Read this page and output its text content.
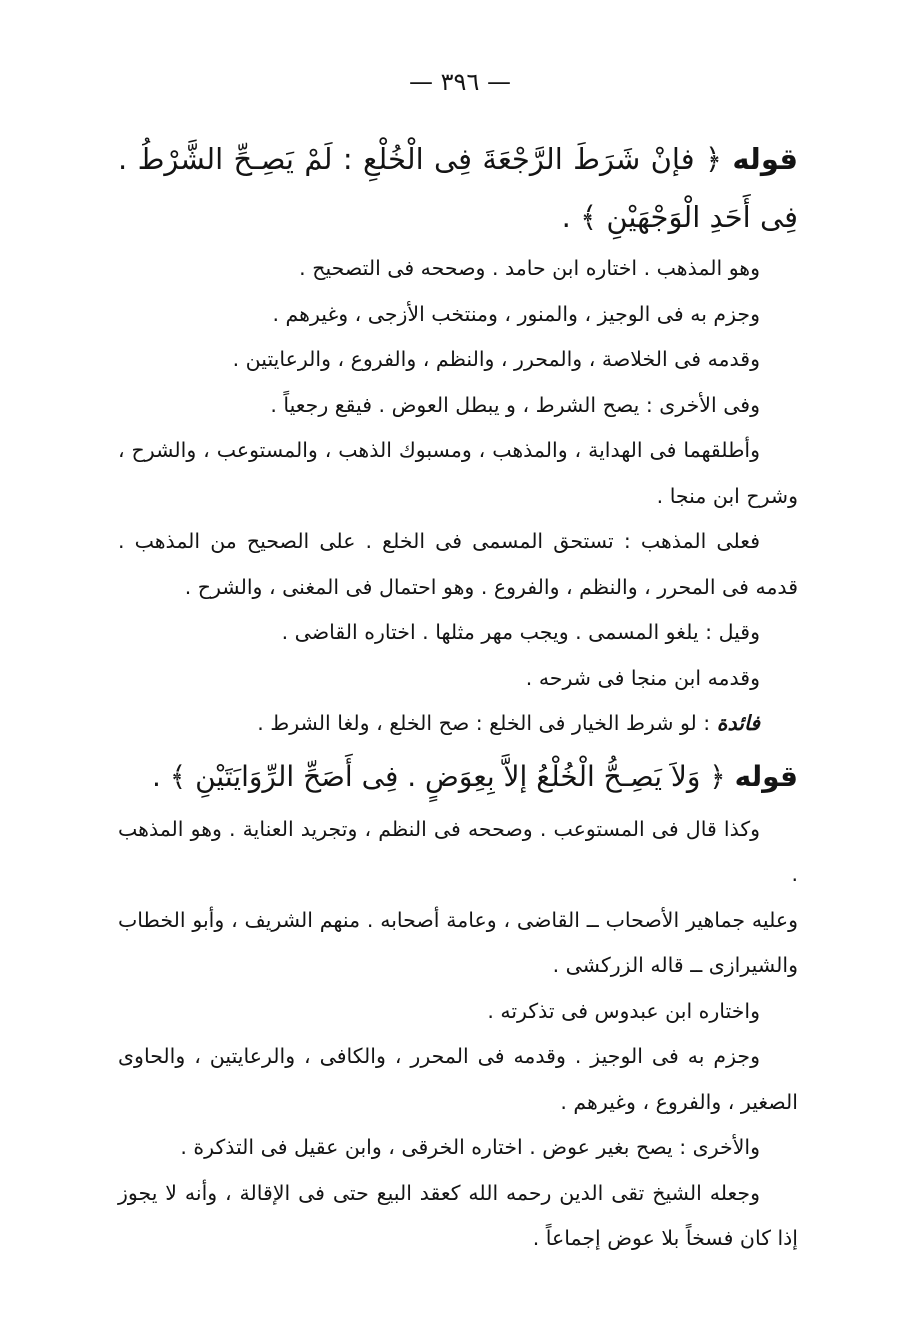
— ٣٩٦ —

قوله ﴿ فإنْ شَرَطَ الرَّجْعَةَ فِى الْخُلْعِ : لَمْ يَصِـحِّ الشَّرْطُ . فِى أَحَدِ الْوَجْهَيْنِ ﴾ .

وهو المذهب . اختاره ابن حامد . وصححه فى التصحيح .

وجزم به فى الوجيز ، والمنور ، ومنتخب الأزجى ، وغيرهم .

وقدمه فى الخلاصة ، والمحرر ، والنظم ، والفروع ، والرعايتين .

وفى الأخرى : يصح الشرط ، و يبطل العوض . فيقع رجعياً .

وأطلقهما فى الهداية ، والمذهب ، ومسبوك الذهب ، والمستوعب ، والشرح ، وشرح ابن منجا .

فعلى المذهب : تستحق المسمى فى الخلع . على الصحيح من المذهب . قدمه فى المحرر ، والنظم ، والفروع . وهو احتمال فى المغنى ، والشرح .

وقيل : يلغو المسمى . ويجب مهر مثلها . اختاره القاضى .

وقدمه ابن منجا فى شرحه .

فائدة : لو شرط الخيار فى الخلع : صح الخلع ، ولغا الشرط .

قوله ﴿ وَلاَ يَصِـحُّ الْخُلْعُ إلاَّ بِعِوَضٍ . فِى أَصَحِّ الرِّوَايَتَيْنِ ﴾ .

وكذا قال فى المستوعب . وصححه فى النظم ، وتجريد العناية . وهو المذهب .

وعليه جماهير الأصحاب ــ القاضى ، وعامة أصحابه . منهم الشريف ، وأبو الخطاب والشيرازى ــ قاله الزركشى .

واختاره ابن عبدوس فى تذكرته .

وجزم به فى الوجيز . وقدمه فى المحرر ، والكافى ، والرعايتين ، والحاوى الصغير ، والفروع ، وغيرهم .

والأخرى : يصح بغير عوض . اختاره الخرقى ، وابن عقيل فى التذكرة .

وجعله الشيخ تقى الدين رحمه الله كعقد البيع حتى فى الإقالة ، وأنه لا يجوز إذا كان فسخاً بلا عوض إجماعاً .
